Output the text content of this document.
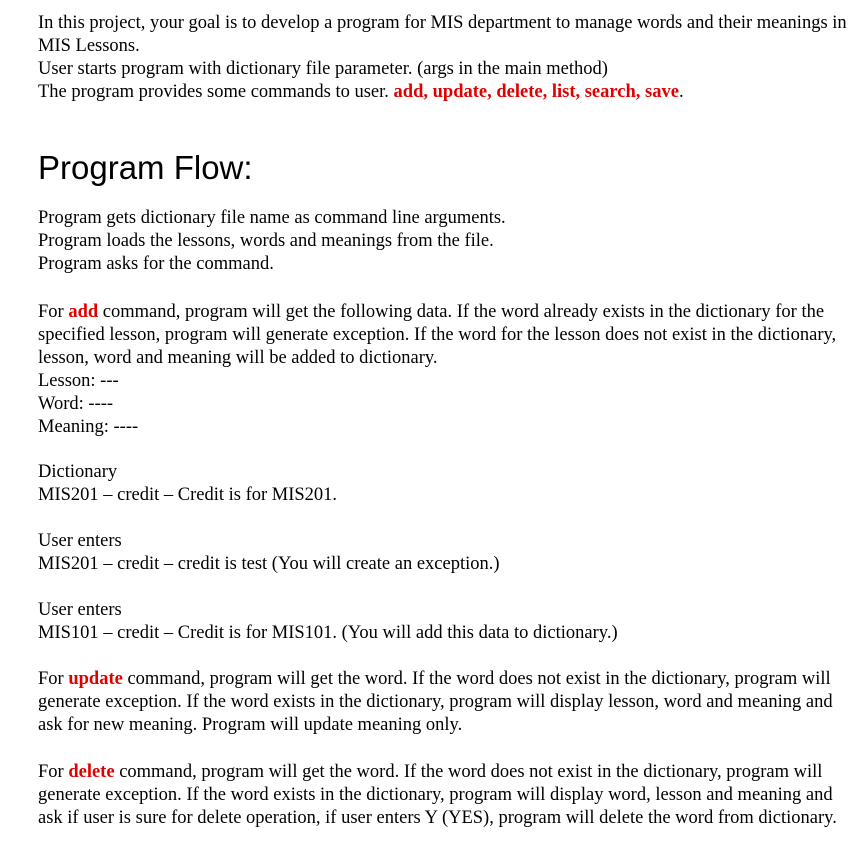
In this project, your goal is to develop a program for MIS department to manage words and their meanings in MIS Lessons.

User starts program with dictionary file parameter. (args in the main method)

The program provides some commands to user. add, update, delete, list, search, save.

Program Flow:

Program gets dictionary file name as command line arguments.

Program loads the lessons, words and meanings from the file.

Program asks for the command.

For add command, program will get the following data. If the word already exists in the dictionary for the specified lesson, program will generate exception. If the word for the lesson does not exist in the dictionary, lesson, word and meaning will be added to dictionary.

Lesson: ---

Word: ----

Meaning: ----

Dictionary

MIS201 – credit – Credit is for MIS201.

User enters

MIS201 – credit – credit is test (You will create an exception.)

User enters

MIS101 – credit – Credit is for MIS101. (You will add this data to dictionary.)

For update command, program will get the word. If the word does not exist in the dictionary, program will generate exception. If the word exists in the dictionary, program will display lesson, word and meaning and ask for new meaning. Program will update meaning only.

For delete command, program will get the word. If the word does not exist in the dictionary, program will generate exception. If the word exists in the dictionary, program will display word, lesson and meaning and ask if user is sure for delete operation, if user enters Y (YES), program will delete the word from dictionary.
